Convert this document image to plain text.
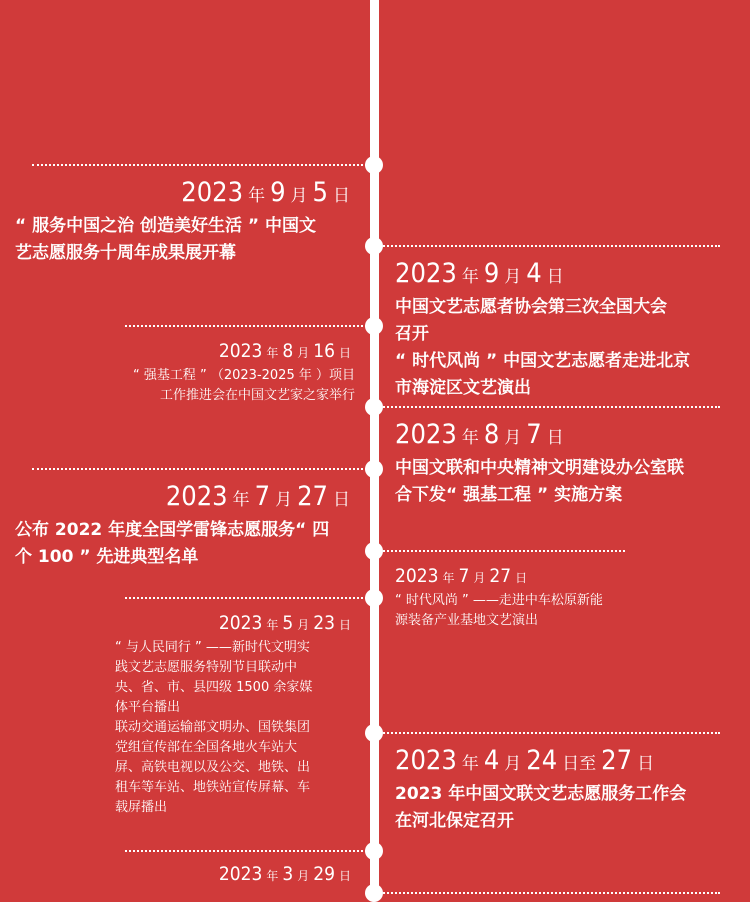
2023 年 9 月 5 日
“ 服务中国之治 创造美好生活 ” 中国文
艺志愿服务十周年成果展开幕
2023 年 9 月 4 日
中国文艺志愿者协会第三次全国大会
召开
“ 时代风尚 ” 中国文艺志愿者走进北京
市海淀区文艺演出
2023 年 8 月 16 日
“ 强基工程 ” （2023-2025 年 ）项目
工作推进会在中国文艺家之家举行
2023 年 8 月 7 日
中国文联和中央精神文明建设办公室联
合下发“ 强基工程 ” 实施方案
2023 年 7 月 27 日
公布 2022 年度全国学雷锋志愿服务“ 四
个 100 ” 先进典型名单
2023 年 7 月 27 日
“ 时代风尚 ” ——走进中车松原新能
源装备产业基地文艺演出
2023 年 5 月 23 日
“ 与人民同行 ” ——新时代文明实
践文艺志愿服务特别节目联动中
央、省、市、县四级 1500 余家媒
体平台播出
联动交通运输部文明办、国铁集团
党组宣传部在全国各地火车站大
屏、高铁电视以及公交、地铁、出
租车等车站、地铁站宣传屏幕、车
载屏播出
2023 年 4 月 24 日至 27 日
2023 年中国文联文艺志愿服务工作会
在河北保定召开
2023 年 3 月 29 日
